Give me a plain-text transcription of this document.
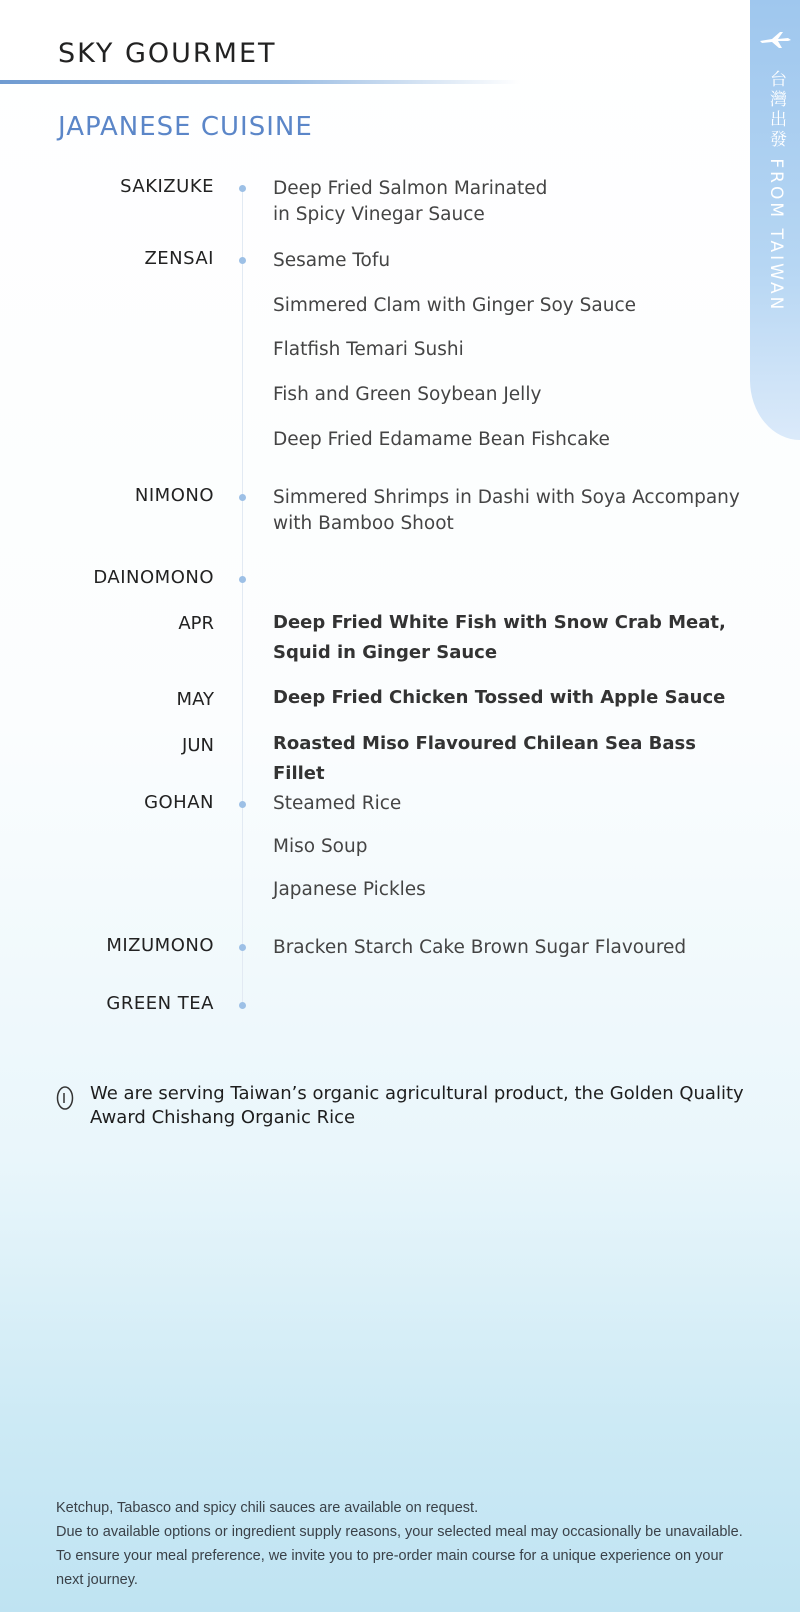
SKY GOURMET
台灣出發 FROM TAIWAN
JAPANESE CUISINE
SAKIZUKE	Deep Fried Salmon Marinated
in Spicy Vinegar Sauce
ZENSAI	Sesame Tofu
Simmered Clam with Ginger Soy Sauce
Flatfish Temari Sushi
Fish and Green Soybean Jelly
Deep Fried Edamame Bean Fishcake
NIMONO	Simmered Shrimps in Dashi with Soya Accompany
with Bamboo Shoot
DAINOMONO
APR	Deep Fried White Fish with Snow Crab Meat,
Squid in Ginger Sauce
MAY	Deep Fried Chicken Tossed with Apple Sauce
JUN	Roasted Miso Flavoured Chilean Sea Bass Fillet
GOHAN	Steamed Rice
Miso Soup
Japanese Pickles
MIZUMONO	Bracken Starch Cake Brown Sugar Flavoured
GREEN TEA
We are serving Taiwan’s organic agricultural product, the Golden Quality Award Chishang Organic Rice

Ketchup, Tabasco and spicy chili sauces are available on request.

Due to available options or ingredient supply reasons, your selected meal may occasionally be unavailable. To ensure your meal preference, we invite you to pre-order main course for a unique experience on your next journey.
